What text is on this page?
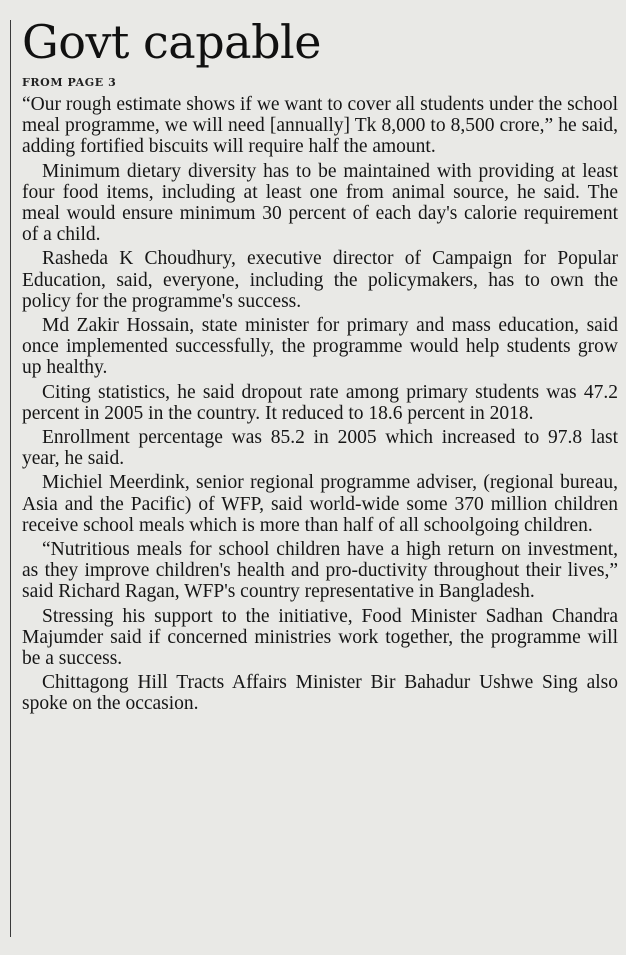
Govt capable
FROM PAGE 3

“Our rough estimate shows if we want to cover all students under the school meal programme, we will need [annually] Tk 8,000 to 8,500 crore,” he said, adding fortified biscuits will require half the amount.

Minimum dietary diversity has to be maintained with providing at least four food items, including at least one from animal source, he said. The meal would ensure minimum 30 percent of each day's calorie requirement of a child.

Rasheda K Choudhury, executive director of Campaign for Popular Education, said, everyone, including the policymakers, has to own the policy for the programme's success.

Md Zakir Hossain, state minister for primary and mass education, said once implemented successfully, the programme would help students grow up healthy.

Citing statistics, he said dropout rate among primary students was 47.2 percent in 2005 in the country. It reduced to 18.6 percent in 2018.

Enrollment percentage was 85.2 in 2005 which increased to 97.8 last year, he said.

Michiel Meerdink, senior regional programme adviser, (regional bureau, Asia and the Pacific) of WFP, said world-wide some 370 million children receive school meals which is more than half of all schoolgoing children.

“Nutritious meals for school children have a high return on investment, as they improve children's health and pro-ductivity throughout their lives,” said Richard Ragan, WFP's country representative in Bangladesh.

Stressing his support to the initiative, Food Minister Sadhan Chandra Majumder said if concerned ministries work together, the programme will be a success.

Chittagong Hill Tracts Affairs Minister Bir Bahadur Ushwe Sing also spoke on the occasion.
